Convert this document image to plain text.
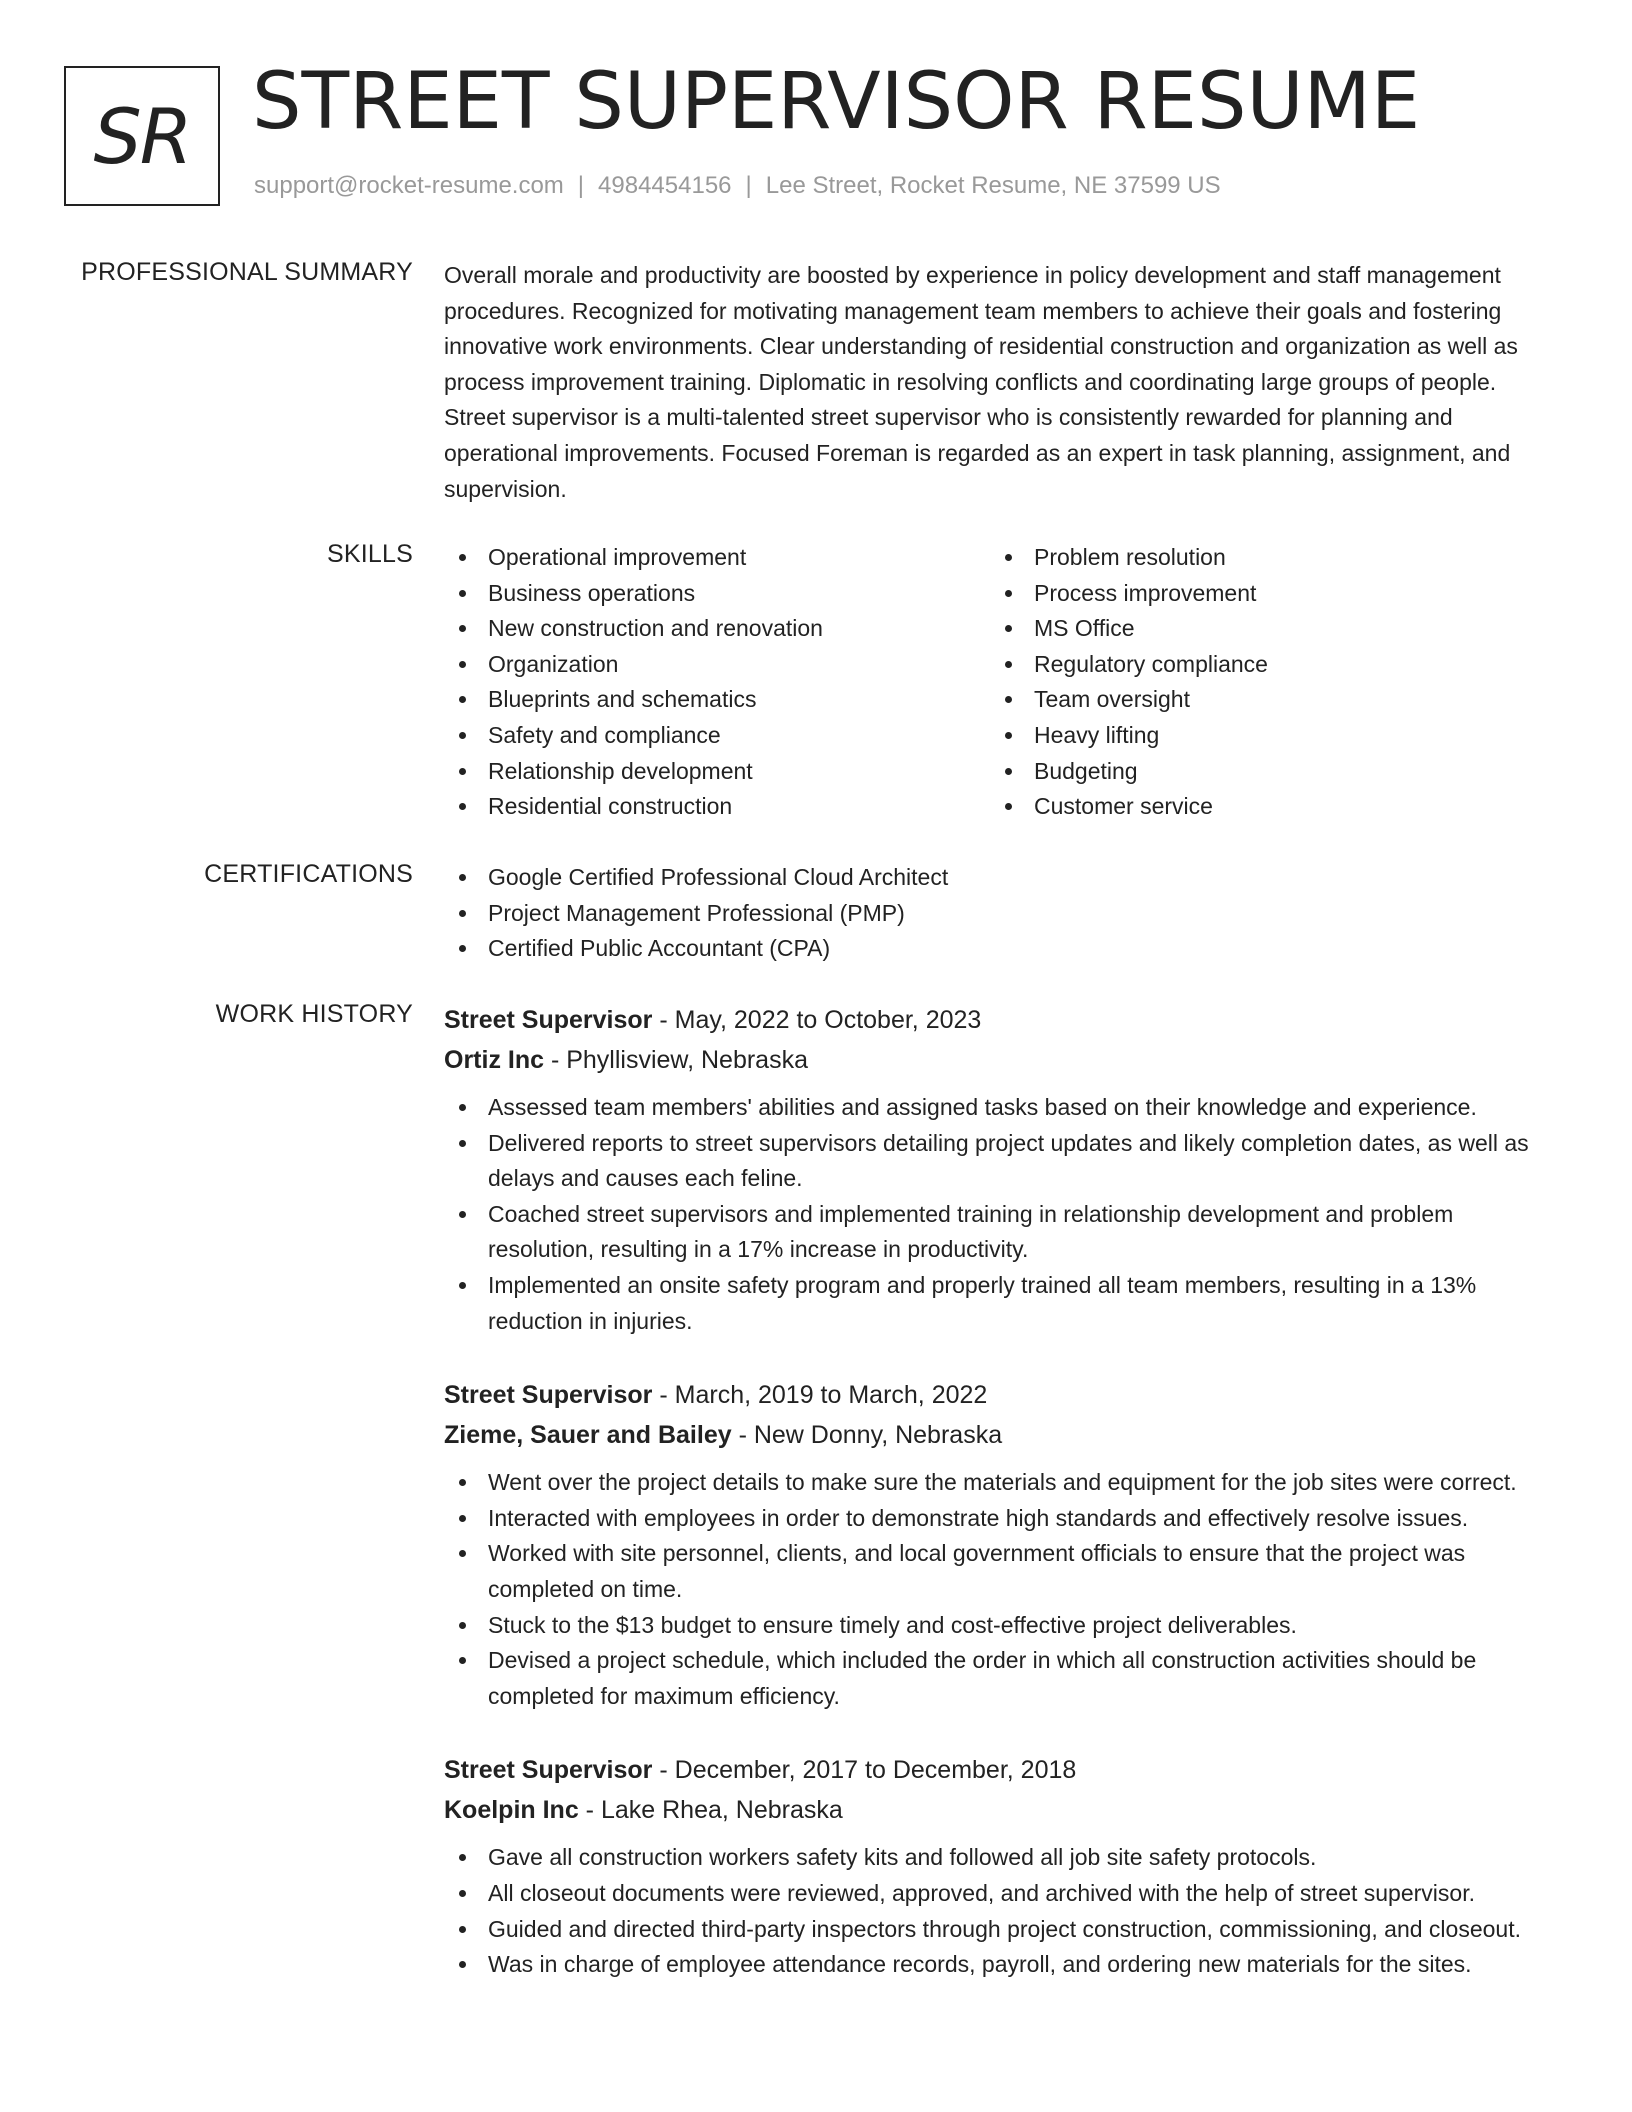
SR STREET SUPERVISOR RESUME
support@rocket-resume.com | 4984454156 | Lee Street, Rocket Resume, NE 37599 US
PROFESSIONAL SUMMARY Overall morale and productivity are boosted by experience in policy development and staff management procedures. Recognized for motivating management team members to achieve their goals and fostering innovative work environments. Clear understanding of residential construction and organization as well as process improvement training. Diplomatic in resolving conflicts and coordinating large groups of people. Street supervisor is a multi-talented street supervisor who is consistently rewarded for planning and operational improvements. Focused Foreman is regarded as an expert in task planning, assignment, and supervision.

SKILLS	Operational improvement
Business operations
New construction and renovation
Organization
Blueprints and schematics
Safety and compliance
Relationship development
Residential construction
Problem resolution
Process improvement
MS Office
Regulatory compliance
Team oversight
Heavy lifting
Budgeting
Customer service
CERTIFICATIONS	Google Certified Professional Cloud Architect
Project Management Professional (PMP)
Certified Public Accountant (CPA)
WORK HISTORY Street Supervisor - May, 2022 to October, 2023
Ortiz Inc - Phyllisview, Nebraska
Assessed team members' abilities and assigned tasks based on their knowledge and experience.
Delivered reports to street supervisors detailing project updates and likely completion dates, as well as delays and causes each feline.
Coached street supervisors and implemented training in relationship development and problem resolution, resulting in a 17% increase in productivity.
Implemented an onsite safety program and properly trained all team members, resulting in a 13% reduction in injuries.
Street Supervisor - March, 2019 to March, 2022
Zieme, Sauer and Bailey - New Donny, Nebraska
Went over the project details to make sure the materials and equipment for the job sites were correct.
Interacted with employees in order to demonstrate high standards and effectively resolve issues.
Worked with site personnel, clients, and local government officials to ensure that the project was completed on time.
Stuck to the $13 budget to ensure timely and cost-effective project deliverables.
Devised a project schedule, which included the order in which all construction activities should be completed for maximum efficiency.
Street Supervisor - December, 2017 to December, 2018
Koelpin Inc - Lake Rhea, Nebraska
Gave all construction workers safety kits and followed all job site safety protocols.
All closeout documents were reviewed, approved, and archived with the help of street supervisor.
Guided and directed third-party inspectors through project construction, commissioning, and closeout.
Was in charge of employee attendance records, payroll, and ordering new materials for the sites.
